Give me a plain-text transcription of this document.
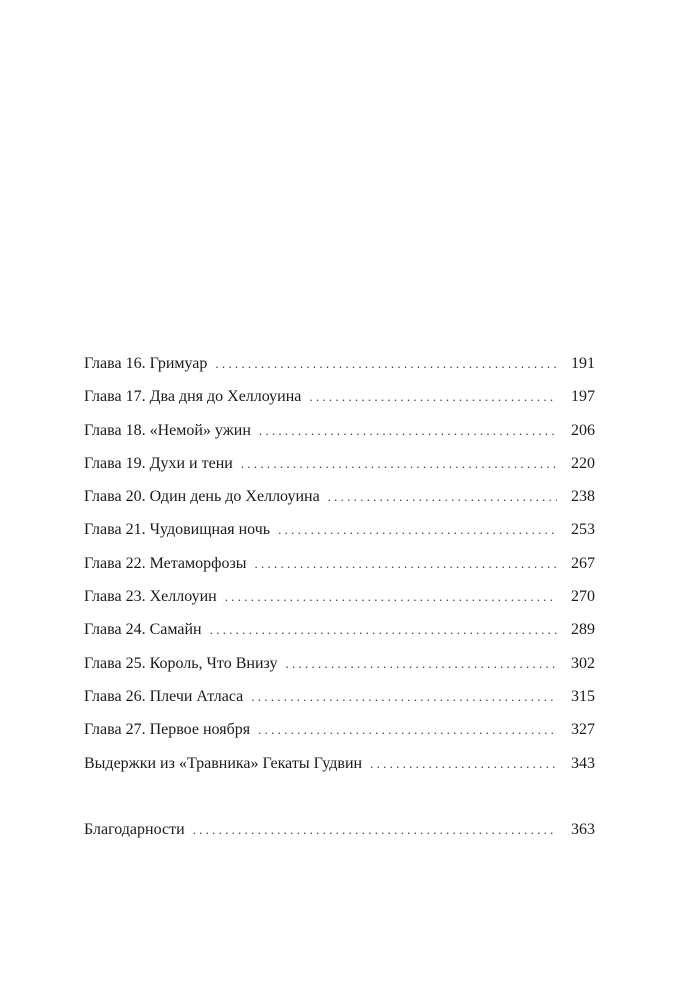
Глава 16. Гримуар . . .	191
Глава 17. Два дня до Хеллоуина . . .	197
Глава 18. «Немой» ужин . . .	206
Глава 19. Духи и тени . . .	220
Глава 20. Один день до Хеллоуина . . .	238
Глава 21. Чудовищная ночь . . .	253
Глава 22. Метаморфозы . . .	267
Глава 23. Хеллоуин . . .	270
Глава 24. Самайн . . .	289
Глава 25. Король, Что Внизу . . .	302
Глава 26. Плечи Атласа . . .	315
Глава 27. Первое ноября . . .	327
Выдержки из «Травника» Гекаты Гудвин . . .	343
Благодарности . . .	363
